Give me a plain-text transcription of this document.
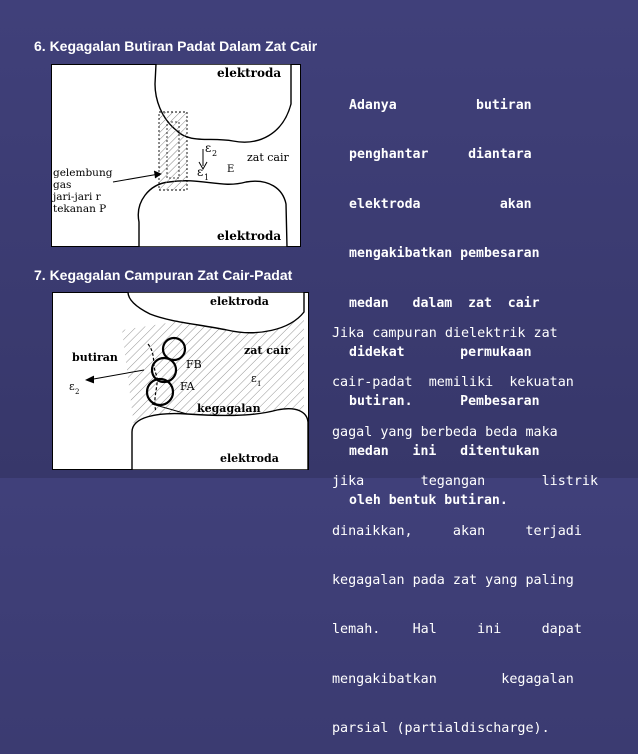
6. Kegagalan Butiran Padat Dalam Zat Cair
elektroda
elektroda
zat cair
gelembung
gas
jari-jari r
tekanan P
ε 2
ε 1
E

Adanya          butiran

penghantar     diantara

elektroda          akan

mengakibatkan pembesaran

medan   dalam  zat  cair

didekat       permukaan

butiran.      Pembesaran

medan   ini   ditentukan

oleh bentuk butiran.

7. Kegagalan Campuran Zat Cair-Padat
elektroda
elektroda
zat cair
butiran
FB
FA
ε 2
ε 1
kegagalan

Jika campuran dielektrik zat

cair-padat  memiliki  kekuatan

gagal yang berbeda beda maka

jika       tegangan       listrik

dinaikkan,     akan     terjadi

kegagalan pada zat yang paling

lemah.    Hal     ini     dapat

mengakibatkan        kegagalan

parsial (partialdischarge).
